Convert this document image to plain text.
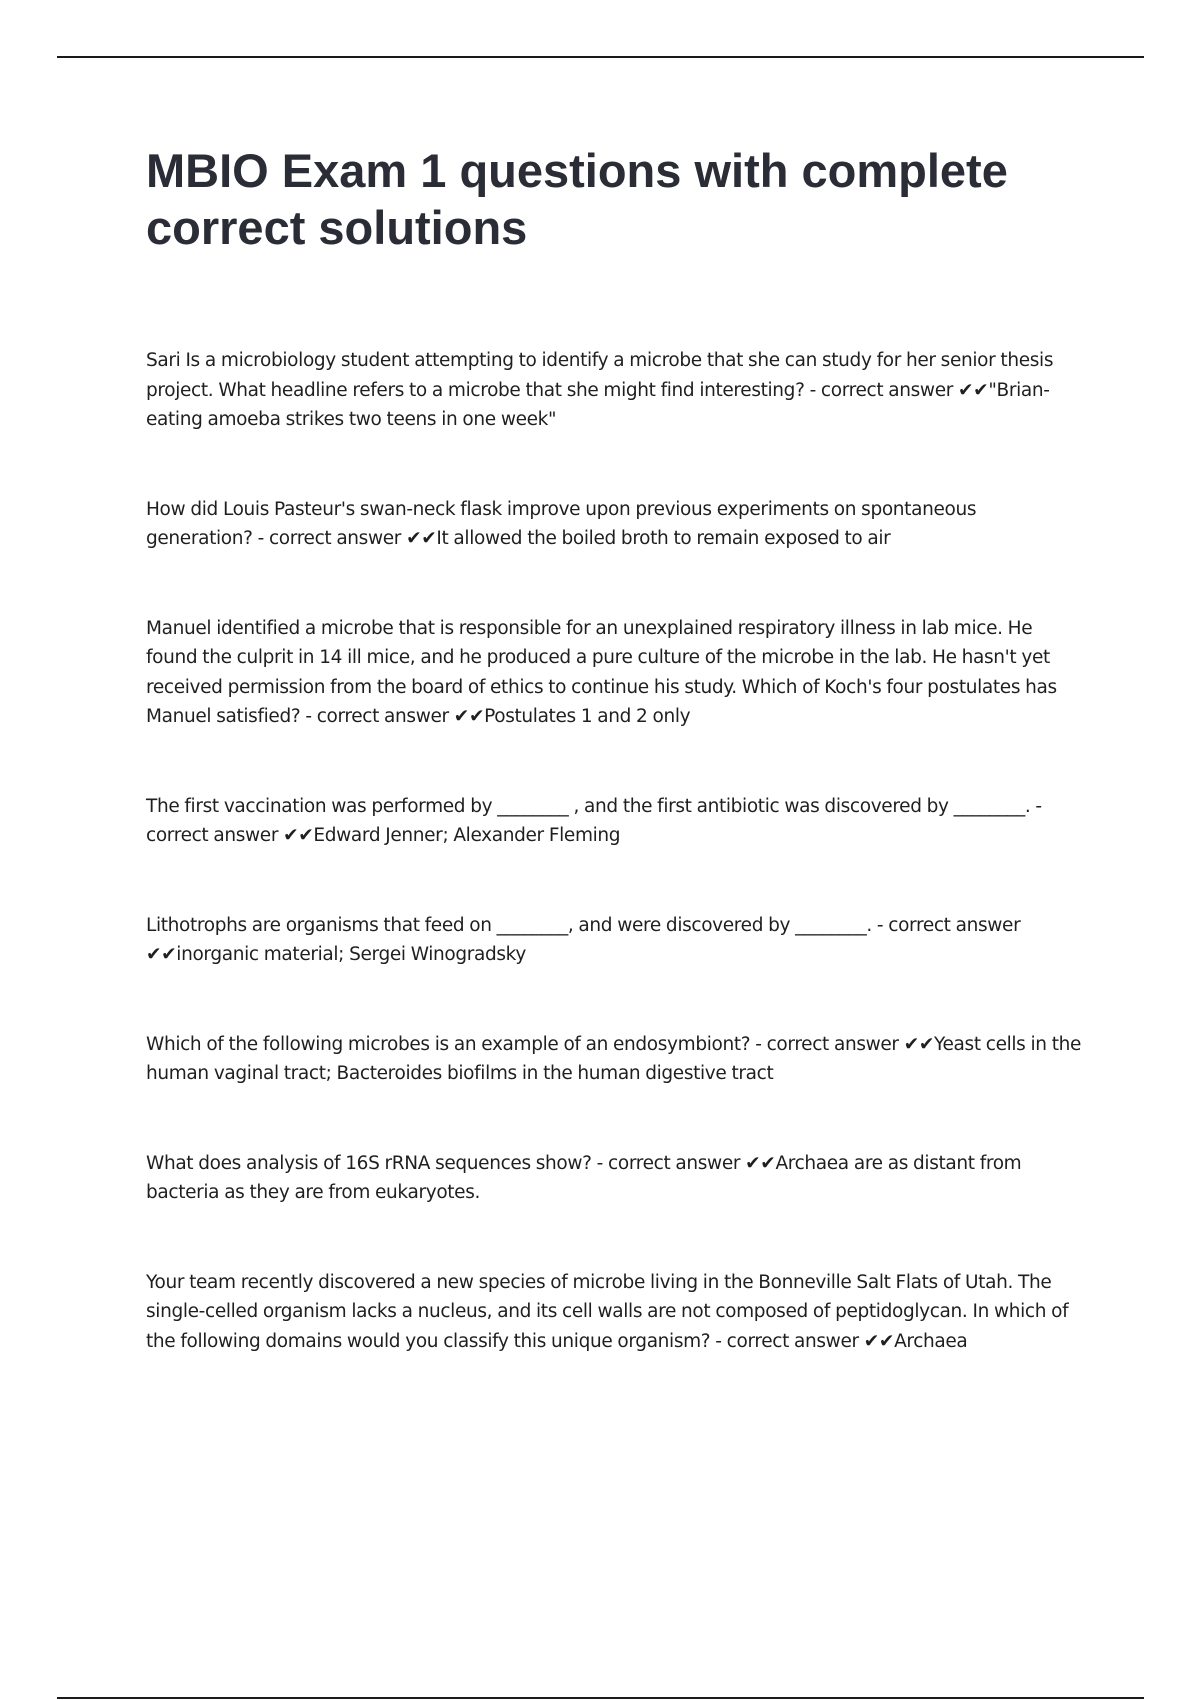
MBIO Exam 1 questions with complete correct solutions

Sari Is a microbiology student attempting to identify a microbe that she can study for her senior thesis project. What headline refers to a microbe that she might find interesting? - correct answer ✔✔"Brian-eating amoeba strikes two teens in one week"

How did Louis Pasteur's swan-neck flask improve upon previous experiments on spontaneous generation? - correct answer ✔✔It allowed the boiled broth to remain exposed to air

Manuel identified a microbe that is responsible for an unexplained respiratory illness in lab mice. He found the culprit in 14 ill mice, and he produced a pure culture of the microbe in the lab. He hasn't yet received permission from the board of ethics to continue his study. Which of Koch's four postulates has Manuel satisfied? - correct answer ✔✔Postulates 1 and 2 only

The first vaccination was performed by ________ , and the first antibiotic was discovered by ________. - correct answer ✔✔Edward Jenner; Alexander Fleming

Lithotrophs are organisms that feed on ________, and were discovered by ________. - correct answer ✔✔inorganic material; Sergei Winogradsky

Which of the following microbes is an example of an endosymbiont? - correct answer ✔✔Yeast cells in the human vaginal tract; Bacteroides biofilms in the human digestive tract

What does analysis of 16S rRNA sequences show? - correct answer ✔✔Archaea are as distant from bacteria as they are from eukaryotes.

Your team recently discovered a new species of microbe living in the Bonneville Salt Flats of Utah. The single-celled organism lacks a nucleus, and its cell walls are not composed of peptidoglycan. In which of the following domains would you classify this unique organism? - correct answer ✔✔Archaea
